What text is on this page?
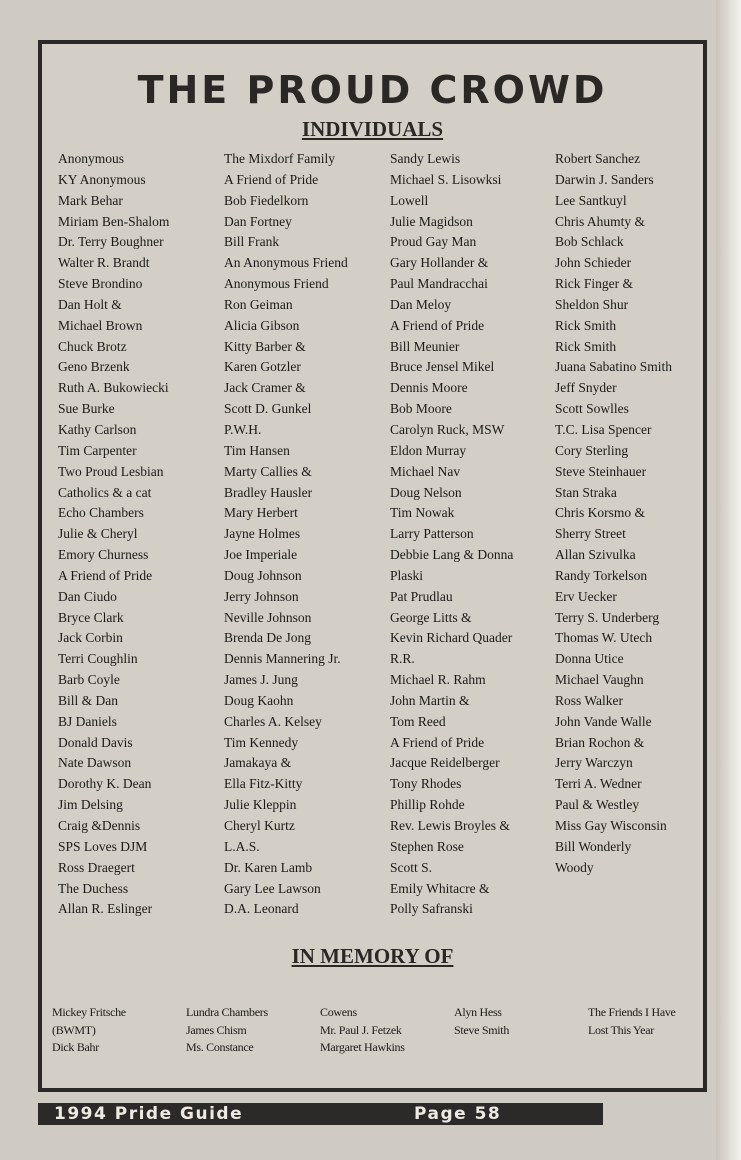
THE PROUD CROWD
INDIVIDUALS
Anonymous
KY Anonymous
Mark Behar
Miriam Ben-Shalom
Dr. Terry Boughner
Walter R. Brandt
Steve Brondino
Dan Holt &
Michael Brown
Chuck Brotz
Geno Brzenk
Ruth A. Bukowiecki
Sue Burke
Kathy Carlson
Tim Carpenter
Two Proud Lesbian
Catholics & a cat
Echo Chambers
Julie & Cheryl
Emory Churness
A Friend of Pride
Dan Ciudo
Bryce Clark
Jack Corbin
Terri Coughlin
Barb Coyle
Bill & Dan
BJ Daniels
Donald Davis
Nate Dawson
Dorothy K. Dean
Jim Delsing
Craig &Dennis
SPS Loves DJM
Ross Draegert
The Duchess
Allan R. Eslinger
The Mixdorf Family
A Friend of Pride
Bob Fiedelkorn
Dan Fortney
Bill Frank
An Anonymous Friend
Anonymous Friend
Ron Geiman
Alicia Gibson
Kitty Barber &
Karen Gotzler
Jack Cramer &
Scott D. Gunkel
P.W.H.
Tim Hansen
Marty Callies &
Bradley Hausler
Mary Herbert
Jayne Holmes
Joe Imperiale
Doug Johnson
Jerry Johnson
Neville Johnson
Brenda De Jong
Dennis Mannering Jr.
James J. Jung
Doug Kaohn
Charles A. Kelsey
Tim Kennedy
Jamakaya &
Ella Fitz-Kitty
Julie Kleppin
Cheryl Kurtz
L.A.S.
Dr. Karen Lamb
Gary Lee Lawson
D.A. Leonard
Sandy Lewis
Michael S. Lisowksi
Lowell
Julie Magidson
Proud Gay Man
Gary Hollander &
Paul Mandracchai
Dan Meloy
A Friend of Pride
Bill Meunier
Bruce Jensel Mikel
Dennis Moore
Bob Moore
Carolyn Ruck, MSW
Eldon Murray
Michael Nav
Doug Nelson
Tim Nowak
Larry Patterson
Debbie Lang & Donna
Plaski
Pat Prudlau
George Litts &
Kevin Richard Quader
R.R.
Michael R. Rahm
John Martin &
Tom Reed
A Friend of Pride
Jacque Reidelberger
Tony Rhodes
Phillip Rohde
Rev. Lewis Broyles &
Stephen Rose
Scott S.
Emily Whitacre &
Polly Safranski
Robert Sanchez
Darwin J. Sanders
Lee Santkuyl
Chris Ahumty &
Bob Schlack
John Schieder
Rick Finger &
Sheldon Shur
Rick Smith
Rick Smith
Juana Sabatino Smith
Jeff Snyder
Scott Sowlles
T.C. Lisa Spencer
Cory Sterling
Steve Steinhauer
Stan Straka
Chris Korsmo &
Sherry Street
Allan Szivulka
Randy Torkelson
Erv Uecker
Terry S. Underberg
Thomas W. Utech
Donna Utice
Michael Vaughn
Ross Walker
John Vande Walle
Brian Rochon &
Jerry Warczyn
Terri A. Wedner
Paul & Westley
Miss Gay Wisconsin
Bill Wonderly
Woody
IN MEMORY OF
Mickey Fritsche
(BWMT)
Dick Bahr
Lundra Chambers
James Chism
Ms. Constance
Cowens
Mr. Paul J. Fetzek
Margaret Hawkins
Alyn Hess
Steve Smith
The Friends I Have
Lost This Year
1994 Pride Guide	Page 58
